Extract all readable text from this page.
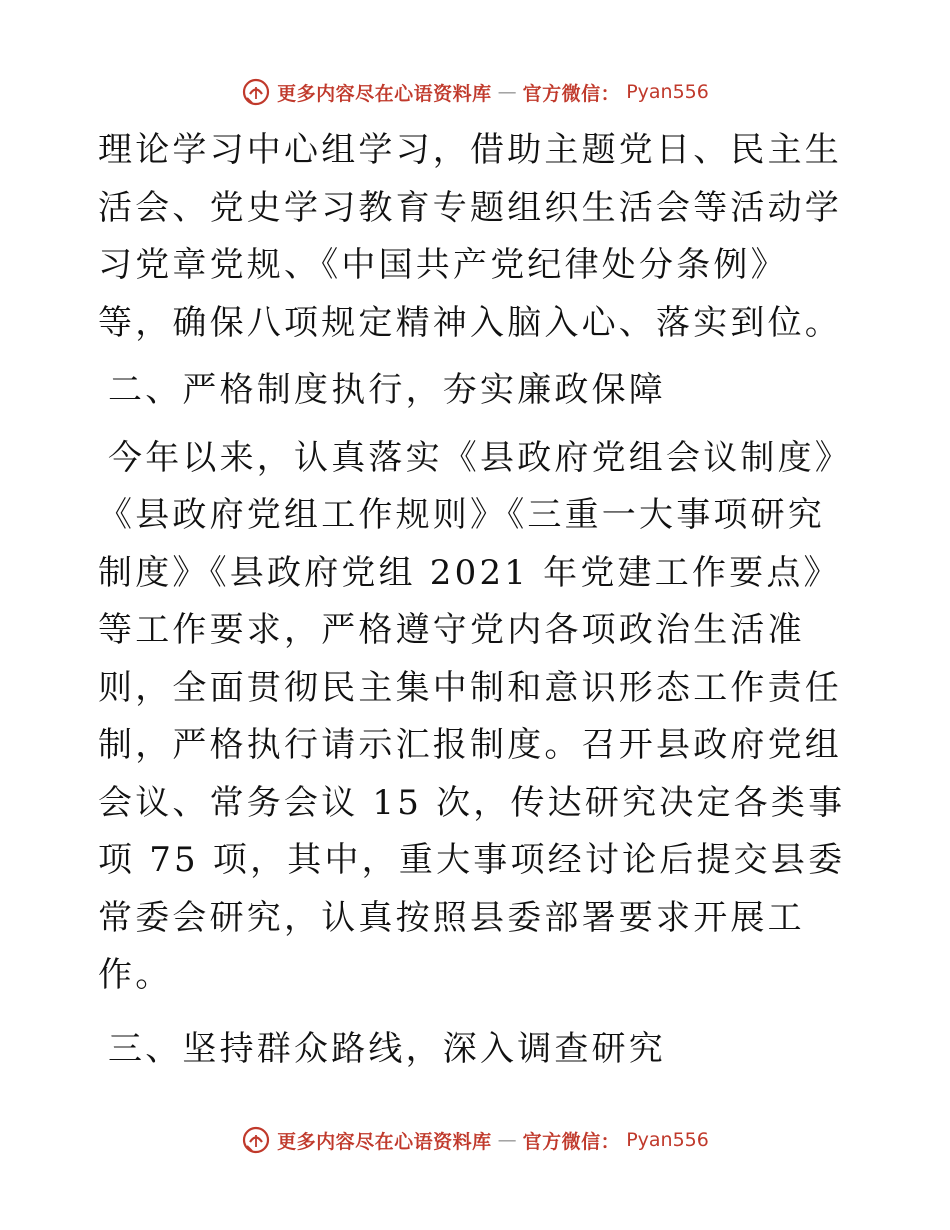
更多内容尽在心语资料库 — 官方微信： Pyan556

理论学习中心组学习，借助主题党日、民主生活会、党史学习教育专题组织生活会等活动学习党章党规、《中国共产党纪律处分条例》等，确保八项规定精神入脑入心、落实到位。

二、严格制度执行，夯实廉政保障

今年以来，认真落实《县政府党组会议制度》《县政府党组工作规则》《三重一大事项研究制度》《县政府党组 2021 年党建工作要点》等工作要求，严格遵守党内各项政治生活准则，全面贯彻民主集中制和意识形态工作责任制，严格执行请示汇报制度。召开县政府党组会议、常务会议 15 次，传达研究决定各类事项 75 项，其中，重大事项经讨论后提交县委常委会研究，认真按照县委部署要求开展工作。

三、坚持群众路线，深入调查研究

更多内容尽在心语资料库 — 官方微信： Pyan556
